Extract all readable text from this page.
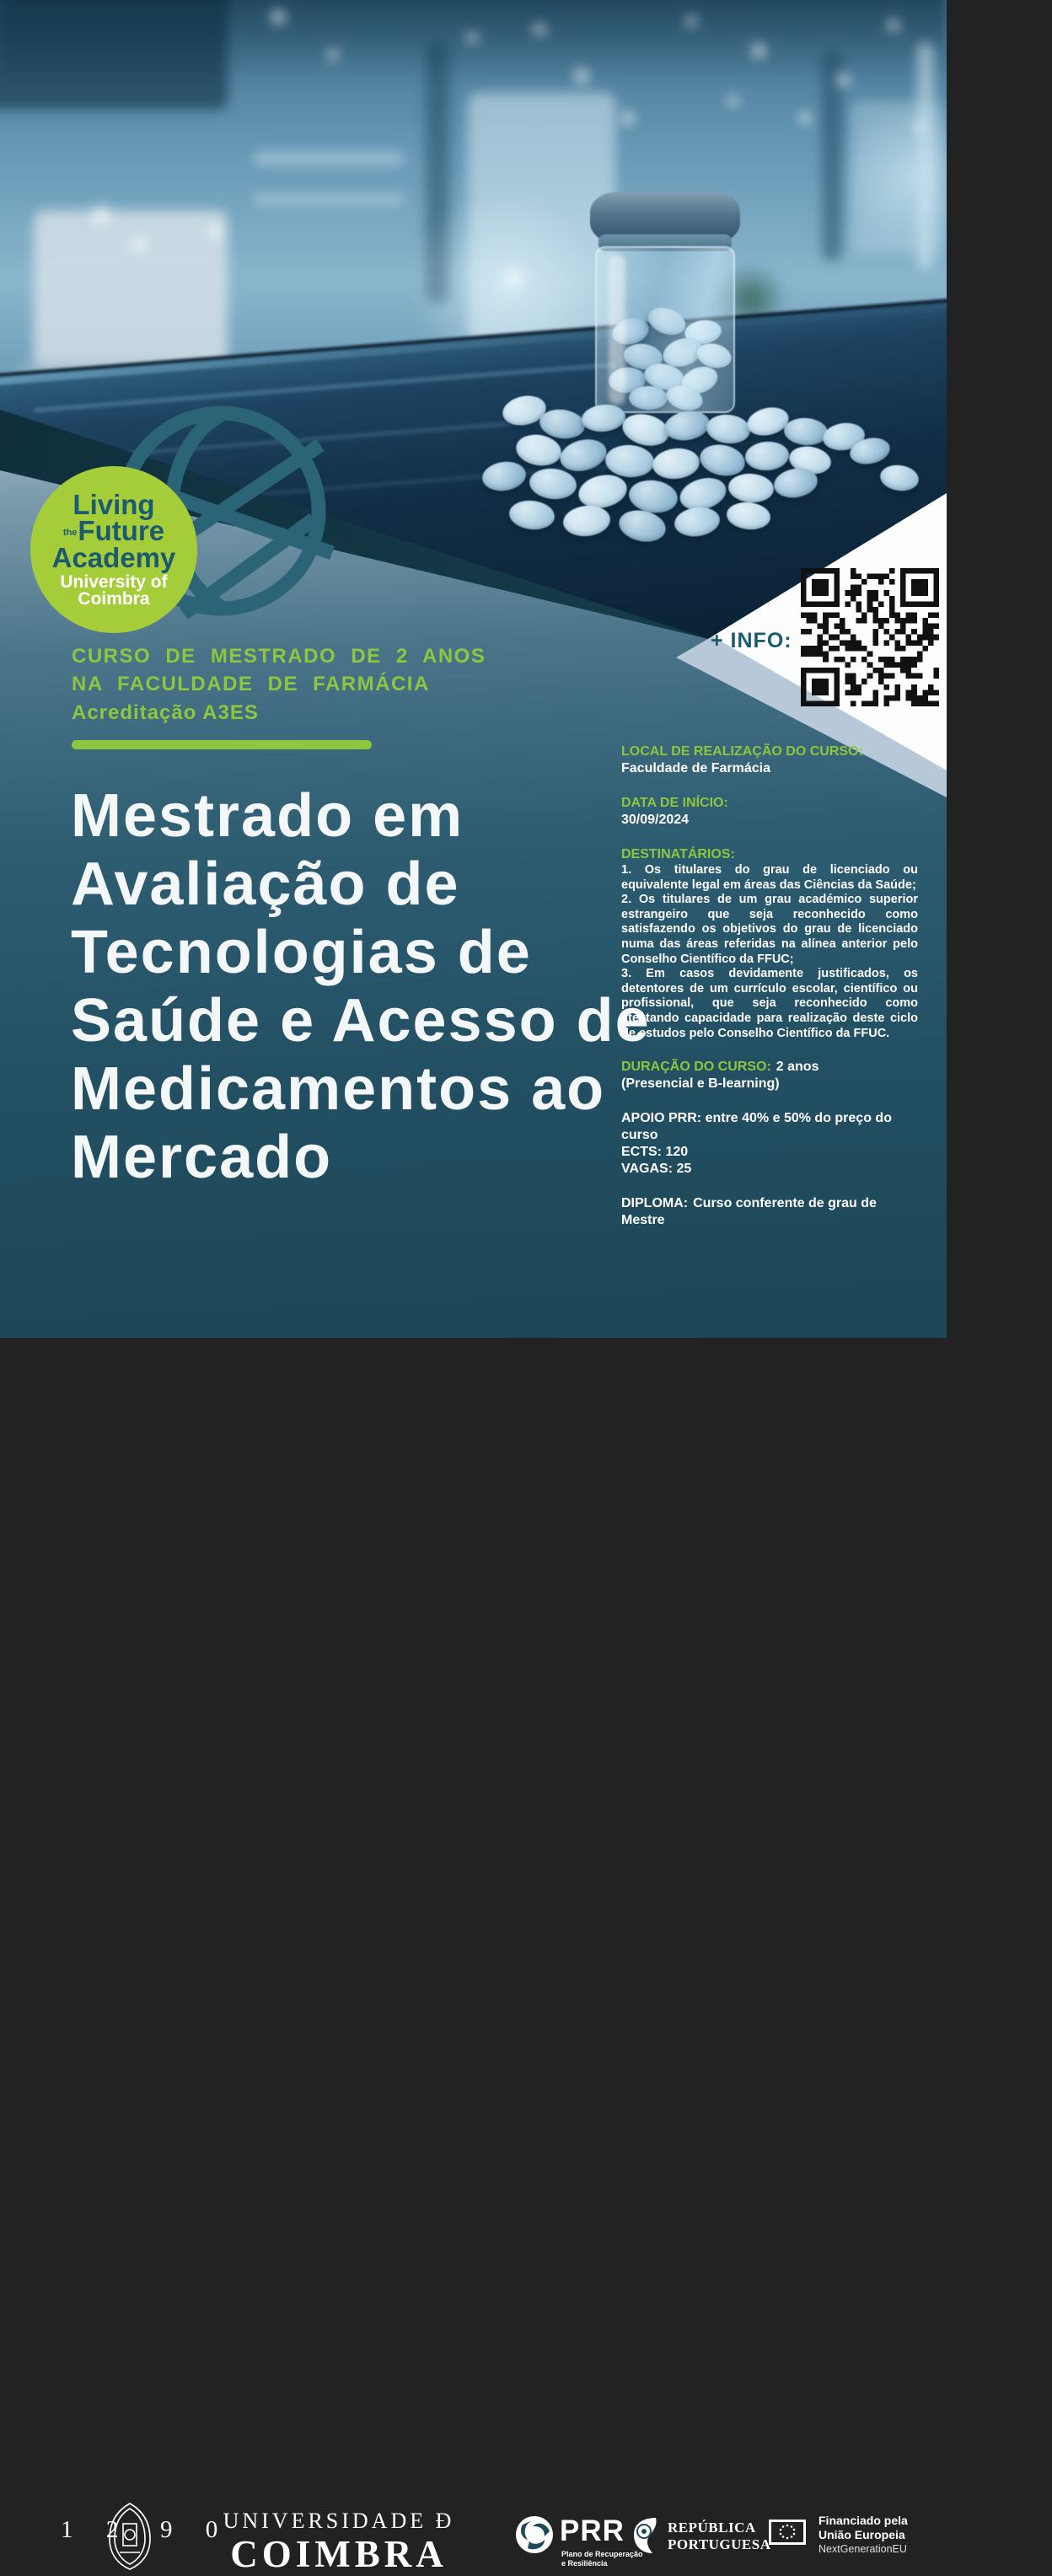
Living
theFuture
Academy
University of
Coimbra
CURSO DE MESTRADO DE 2 ANOS
NA FACULDADE DE FARMÁCIA
Acreditação A3ES
Mestrado em
Avaliação de
Tecnologias de
Saúde e Acesso de
Medicamentos ao
Mercado
+ INFO:
LOCAL DE REALIZAÇÃO DO CURSO:
Faculdade de Farmácia
DATA DE INÍCIO:
30/09/2024
DESTINATÁRIOS:

1. Os titulares do grau de licenciado ou equivalente legal em áreas das Ciências da Saúde;

2. Os titulares de um grau académico superior estrangeiro que seja reconhecido como satisfazendo os objetivos do grau de licenciado numa das áreas referidas na alínea anterior pelo Conselho Científico da FFUC;

3. Em casos devidamente justificados, os detentores de um currículo escolar, científico ou profissional, que seja reconhecido como atestando capacidade para realização deste ciclo de estudos pelo Conselho Científico da FFUC.

DURAÇÃO DO CURSO: 2 anos
(Presencial e B-learning)
APOIO PRR: entre 40% e 50% do preço do curso
ECTS: 120
VAGAS: 25
DIPLOMA: Curso conferente de grau de Mestre
1 2 9 0
UNIVERSIDADE Ð
COIMBRA
PRR
Plano de Recuperação
e Resiliência
REPÚBLICA
PORTUGUESA
Financiado pela
União Europeia
NextGenerationEU
